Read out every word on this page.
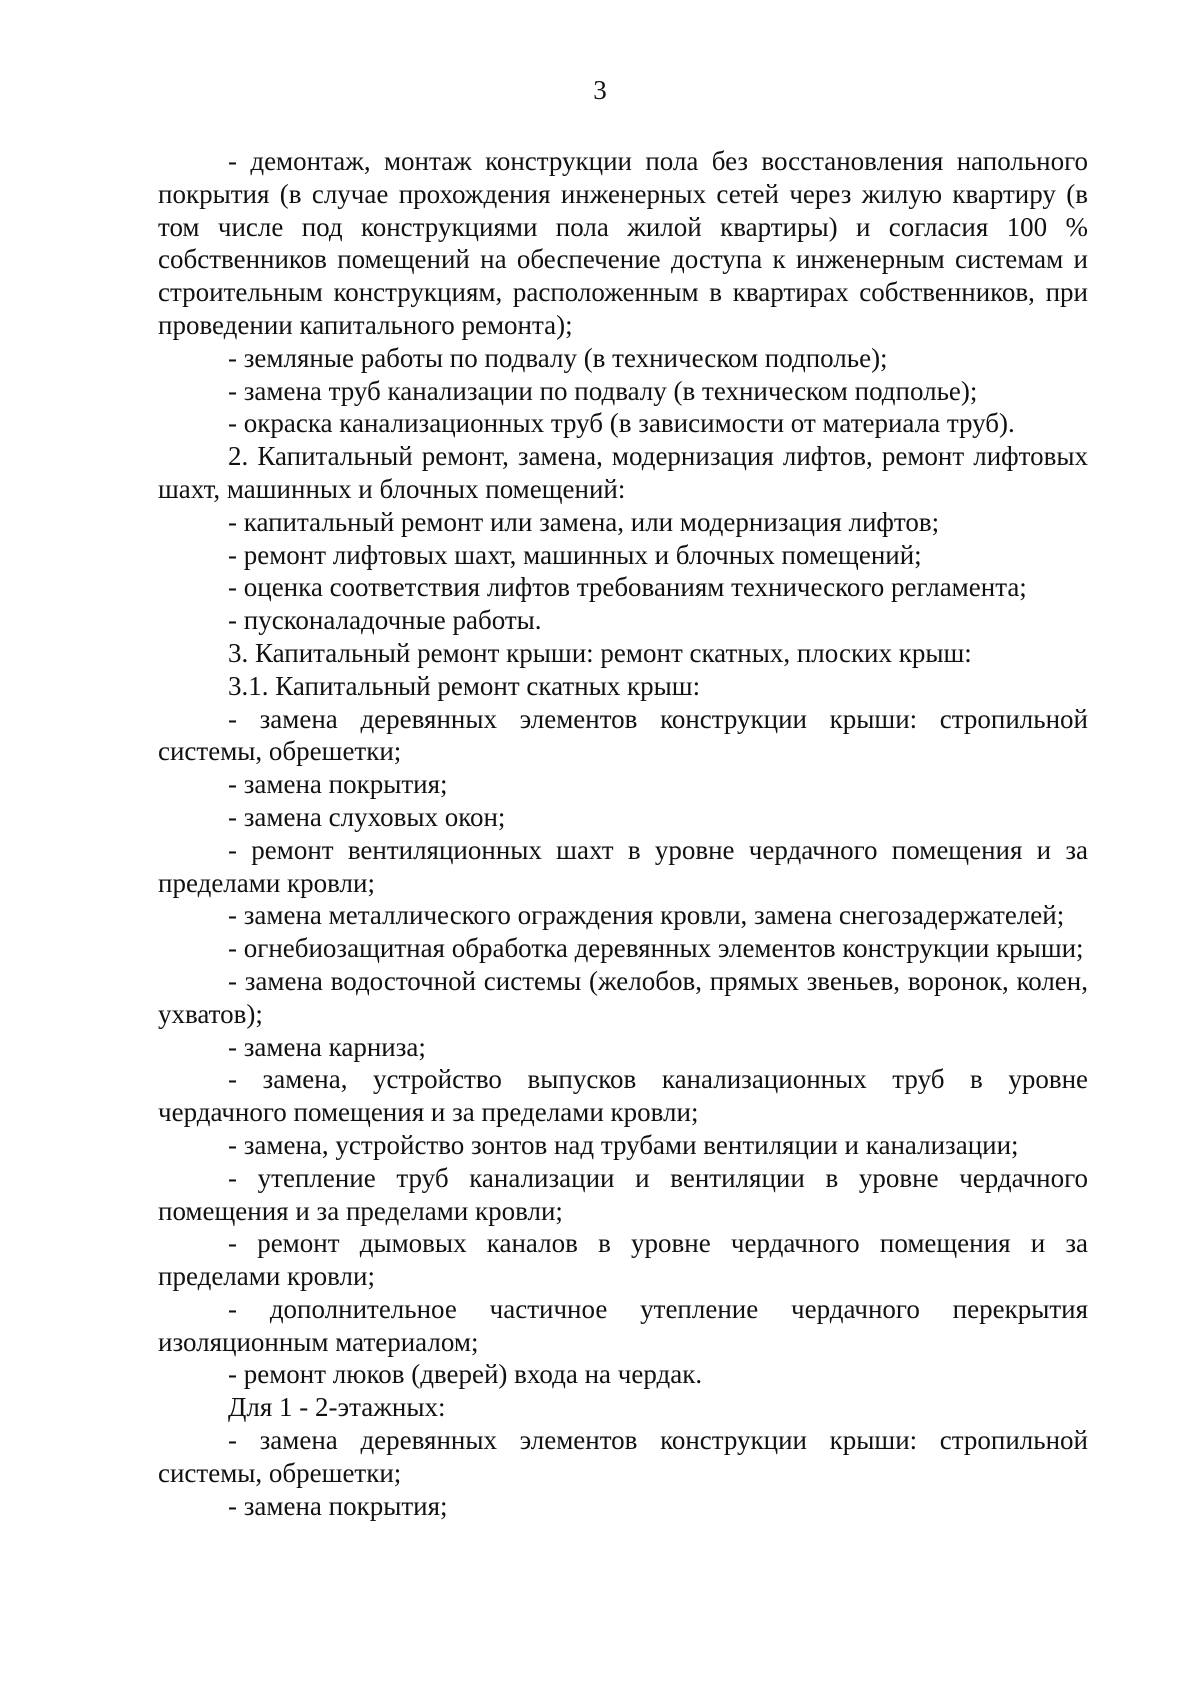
3

- демонтаж, монтаж конструкции пола без восстановления напольного покрытия (в случае прохождения инженерных сетей через жилую квартиру (в том числе под конструкциями пола жилой квартиры) и согласия 100 % собственников помещений на обеспечение доступа к инженерным системам и строительным конструкциям, расположенным в квартирах собственников, при проведении капитального ремонта);

- земляные работы по подвалу (в техническом подполье);

- замена труб канализации по подвалу (в техническом подполье);

- окраска канализационных труб (в зависимости от материала труб).

2. Капитальный ремонт, замена, модернизация лифтов, ремонт лифтовых шахт, машинных и блочных помещений:

- капитальный ремонт или замена, или модернизация лифтов;

- ремонт лифтовых шахт, машинных и блочных помещений;

- оценка соответствия лифтов требованиям технического регламента;

- пусконаладочные работы.

3. Капитальный ремонт крыши: ремонт скатных, плоских крыш:

3.1. Капитальный ремонт скатных крыш:

- замена деревянных элементов конструкции крыши: стропильной системы, обрешетки;

- замена покрытия;

- замена слуховых окон;

- ремонт вентиляционных шахт в уровне чердачного помещения и за пределами кровли;

- замена металлического ограждения кровли, замена снегозадержателей;

- огнебиозащитная обработка деревянных элементов конструкции крыши;

- замена водосточной системы (желобов, прямых звеньев, воронок, колен, ухватов);

- замена карниза;

- замена, устройство выпусков канализационных труб в уровне чердачного помещения и за пределами кровли;

- замена, устройство зонтов над трубами вентиляции и канализации;

- утепление труб канализации и вентиляции в уровне чердачного помещения и за пределами кровли;

- ремонт дымовых каналов в уровне чердачного помещения и за пределами кровли;

- дополнительное частичное утепление чердачного перекрытия изоляционным материалом;

- ремонт люков (дверей) входа на чердак.

Для 1 - 2-этажных:

- замена деревянных элементов конструкции крыши: стропильной системы, обрешетки;

- замена покрытия;
